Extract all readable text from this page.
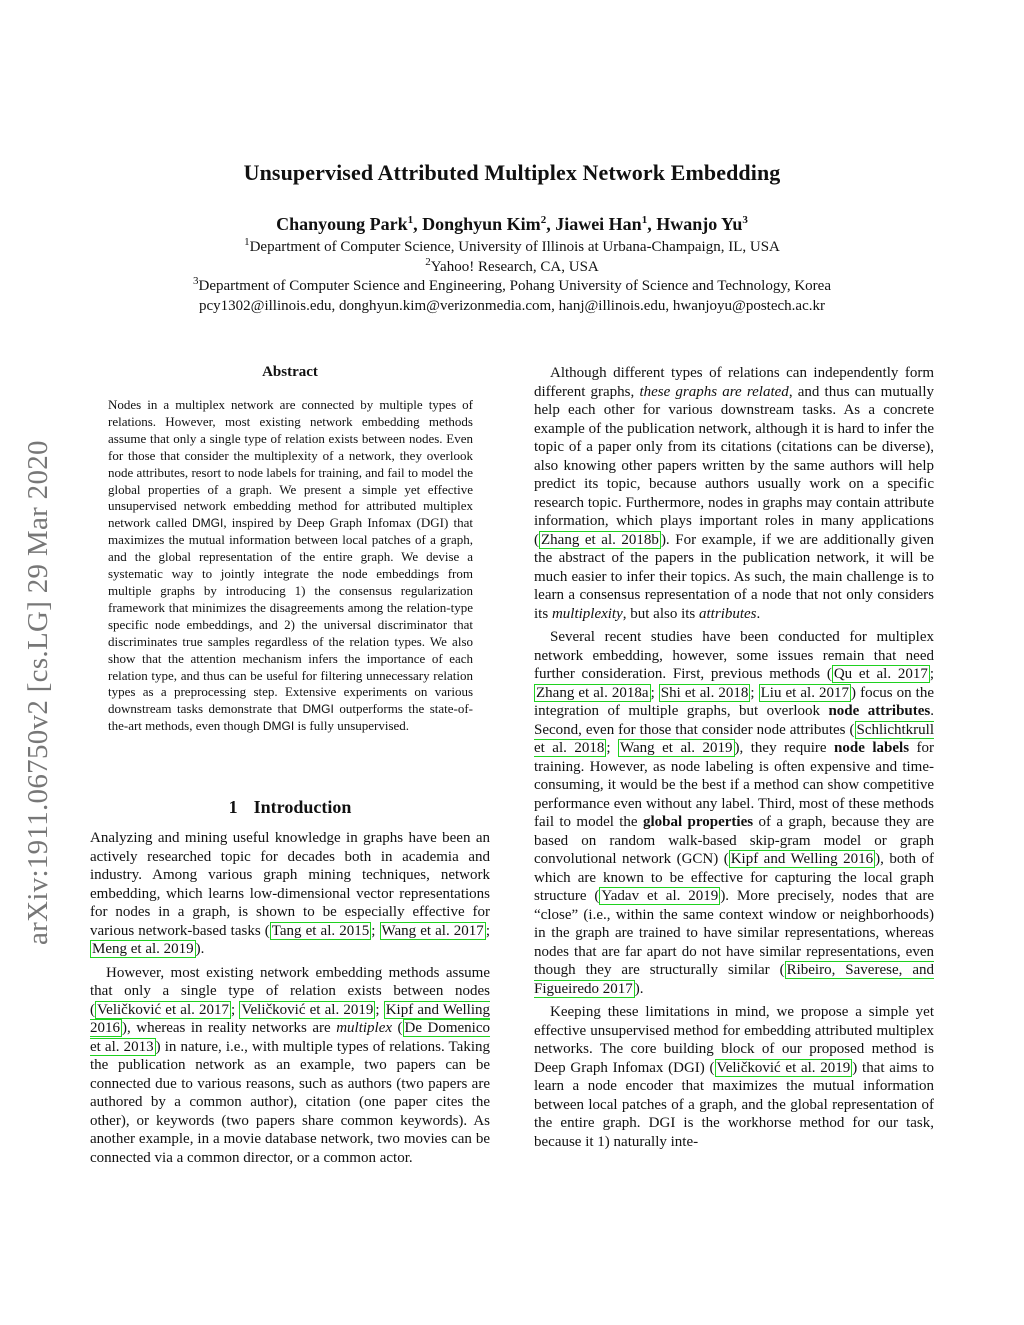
Unsupervised Attributed Multiplex Network Embedding
Chanyoung Park$^1$, Donghyun Kim$^2$, Jiawei Han$^1$, Hwanjo Yu$^3$
$^1$Department of Computer Science, University of Illinois at Urbana-Champaign, IL, USA
$^2$Yahoo! Research, CA, USA
$^3$Department of Computer Science and Engineering, Pohang University of Science and Technology, Korea
pcy1302@illinois.edu, donghyun.kim@verizonmedia.com, hanj@illinois.edu, hwanjoyu@postech.ac.kr
arXiv:1911.06750v2 [cs.LG] 29 Mar 2020
Abstract
Nodes in a multiplex network are connected by multiple types of relations. However, most existing network embedding methods assume that only a single type of relation exists between nodes. Even for those that consider the multiplexity of a network, they overlook node attributes, resort to node labels for training, and fail to model the global properties of a graph. We present a simple yet effective unsupervised network embedding method for attributed multiplex network called DMGI, inspired by Deep Graph Infomax (DGI) that maximizes the mutual information between local patches of a graph, and the global representation of the entire graph. We devise a systematic way to jointly integrate the node embeddings from multiple graphs by introducing 1) the consensus regularization framework that minimizes the disagreements among the relation-type specific node embeddings, and 2) the universal discriminator that discriminates true samples regardless of the relation types. We also show that the attention mechanism infers the importance of each relation type, and thus can be useful for filtering unnecessary relation types as a preprocessing step. Extensive experiments on various downstream tasks demonstrate that DMGI outperforms the state-of-the-art methods, even though DMGI is fully unsupervised.
1 Introduction

Analyzing and mining useful knowledge in graphs have been an actively researched topic for decades both in academia and industry. Among various graph mining techniques, network embedding, which learns low-dimensional vector representations for nodes in a graph, is shown to be especially effective for various network-based tasks ( Tang et al. 2015 ; Wang et al. 2017 ; Meng et al. 2019 ).

However, most existing network embedding methods assume that only a single type of relation exists between nodes ( Veličković et al. 2017 ; Veličković et al. 2019 ; Kipf and Welling 2016 ), whereas in reality networks are multiplex ( De Domenico et al. 2013 ) in nature, i.e., with multiple types of relations. Taking the publication network as an example, two papers can be connected due to various reasons, such as authors (two papers are authored by a common author), citation (one paper cites the other), or keywords (two papers share common keywords). As another example, in a movie database network, two movies can be connected via a common director, or a common actor.

Although different types of relations can independently form different graphs, these graphs are related, and thus can mutually help each other for various downstream tasks. As a concrete example of the publication network, although it is hard to infer the topic of a paper only from its citations (citations can be diverse), also knowing other papers written by the same authors will help predict its topic, because authors usually work on a specific research topic. Furthermore, nodes in graphs may contain attribute information, which plays important roles in many applications ( Zhang et al. 2018b ). For example, if we are additionally given the abstract of the papers in the publication network, it will be much easier to infer their topics. As such, the main challenge is to learn a consensus representation of a node that not only considers its multiplexity, but also its attributes.

Several recent studies have been conducted for multiplex network embedding, however, some issues remain that need further consideration. First, previous methods ( Qu et al. 2017 ; Zhang et al. 2018a ; Shi et al. 2018 ; Liu et al. 2017 ) focus on the integration of multiple graphs, but overlook node attributes. Second, even for those that consider node attributes ( Schlichtkrull et al. 2018 ; Wang et al. 2019 ), they require node labels for training. However, as node labeling is often expensive and time-consuming, it would be the best if a method can show competitive performance even without any label. Third, most of these methods fail to model the global properties of a graph, because they are based on random walk-based skip-gram model or graph convolutional network (GCN) ( Kipf and Welling 2016 ), both of which are known to be effective for capturing the local graph structure ( Yadav et al. 2019 ). More precisely, nodes that are “close” (i.e., within the same context window or neighborhoods) in the graph are trained to have similar representations, whereas nodes that are far apart do not have similar representations, even though they are structurally similar ( Ribeiro, Saverese, and Figueiredo 2017 ).

Keeping these limitations in mind, we propose a simple yet effective unsupervised method for embedding attributed multiplex networks. The core building block of our proposed method is Deep Graph Infomax (DGI) ( Veličković et al. 2019 ) that aims to learn a node encoder that maximizes the mutual information between local patches of a graph, and the global representation of the entire graph. DGI is the workhorse method for our task, because it 1) naturally inte-
